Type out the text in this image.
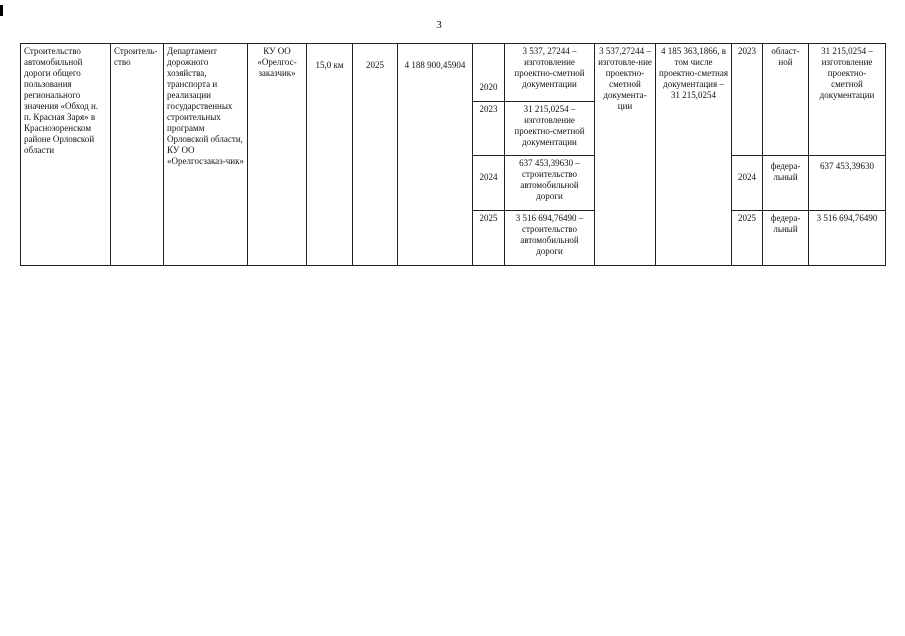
3
Строительство автомобильной дороги общего пользования регионального значения «Обход н. п. Красная Заря» в Краснозоренском районе Орловской области	Строитель-ство	Департамент дорожного хозяйства, транспорта и реализации государственных строительных программ Орловской области, КУ ОО «Орелгосзаказ-чик»	КУ ОО «Орелгос-заказчик»	15,0 км	2025	4 188 900,45904	2020	3 537, 27244 – изготовление проектно-сметной документации	3 537,27244 – изготовле-ние проектно-сметной документа-ции	4 185 363,1866, в том числе проектно-сметная документация – 31 215,0254	2023	област-ной	31 215,0254 – изготовление проектно-сметной документации
							2023	31 215,0254 – изготовление проектно-сметной документации					
							2024	637 453,39630 – строительство автомобильной дороги			2024	федера-льный	637 453,39630
							2025	3 516 694,76490 – строительство автомобильной дороги			2025	федера-льный	3 516 694,76490
